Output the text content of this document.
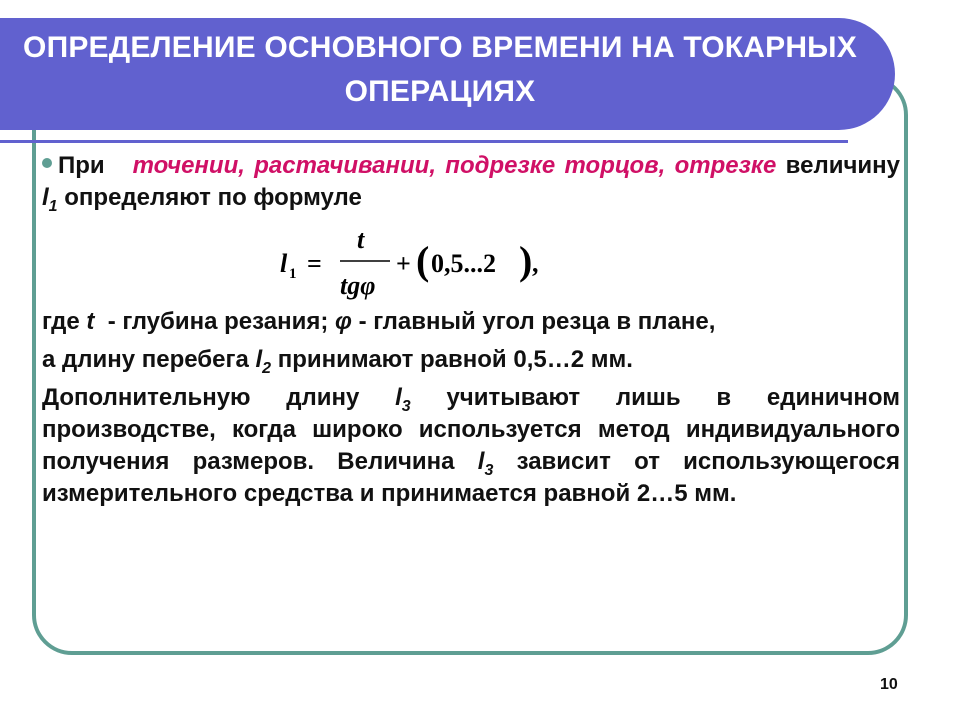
ОПРЕДЕЛЕНИЕ ОСНОВНОГО ВРЕМЕНИ НА ТОКАРНЫХ ОПЕРАЦИЯХ

При точении, растачивании, подрезке торцов, отрезке величину $l_1$ определяют по формуле

l 1 =
t
tgφ
+ ( 0,5...2 ) ,

где t - глубина резания; φ - главный угол резца в плане,

а длину перебега $l_2$ принимают равной 0,5…2 мм.

Дополнительную длину $l_3$ учитывают лишь в единичном производстве, когда широко используется метод индивидуального получения размеров. Величина $l_3$ зависит от использующегося измерительного средства и принимается равной 2…5 мм.

10
